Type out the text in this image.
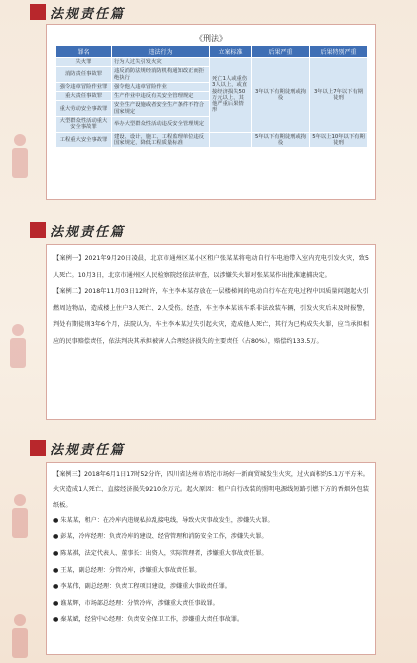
法规责任篇
《刑法》
罪名	违法行为	立案标准	后果严重	后果特别严重
失火罪	行为人过失引发火灾	死亡1人或重伤3人以上，或直接经济损失50万元以上，其他严重后果情形	3年以下有期徒刑或拘役	3年以上7年以下有期徒刑
消防责任事故罪	违反消防法规经消防机构通知改正而拒绝执行			
强令违章冒险作业罪	强令他人违章冒险作业			
重大责任事故罪	生产作业中违反有关安全管理规定			
重大劳动安全事故罪	安全生产设施或者安全生产条件不符合国家规定			
大型群众性活动重大安全事故罪	举办大型群众性活动违反安全管理规定			
工程重大安全事故罪	建设、设计、施工、工程监理单位违反国家规定，降低工程质量标准		5年以下有期徒刑或拘役	5年以上10年以下有期徒刑
法规责任篇
【案例一】2021年9月20日凌晨，北京市通州区某小区租户张某某将电动自行车电池带入室内充电引发火灾，致5人死亡。10月3日，北京市通州区人民检察院经依法审查，以涉嫌失火罪对张某某作出批准逮捕决定。
【案例二】2018年11月03日12时许，车主李本某存放在一层楼梯间的电动自行车在充电过程中因质量问题起火引燃周边物品，造成楼上住户3人死亡、2人受伤。经查，车主李本某该车系非法改装车辆，引发火灾后未及时报警，判处有期徒刑3年6个月，法院认为，车主李本某过失引起火灾，造成他人死亡，其行为已构成失火罪，应当承担相应的民事赔偿责任，依法判决其承担被害人合理经济损失的主要责任（占80%），赔偿约133.5万。
法规责任篇
【案例三】2018年6月1日17时52分许，四川省达州市塔沱市场好一新商贸城发生火灾，过火面积约5.1万平方米。火灾造成1人死亡、直接经济损失9210余万元。起火原因：租户自行改装的照明电源线短路引燃下方的香烟外包装纸板。
● 朱某某，租户：在冷库内违规私拉乱接电线，导致火灾事故发生，涉嫌失火罪。
● 彭某，冷库经理：负责冷库的建设、经营管理和消防安全工作，涉嫌失火罪。
● 陈某祺，法定代表人、董事长：出资人，实际管理者，涉嫌重大事故责任罪。
● 王某，副总经理：分管冷库，涉嫌重大事故责任罪。
● 李某伟，副总经理：负责工程项目建设，涉嫌重大事故责任罪。
● 谯某辉，市场部总经理：分管冷库，涉嫌重大责任事故罪。
● 秦某斌，经营中心经理：负责安全保卫工作，涉嫌重大责任事故罪。
